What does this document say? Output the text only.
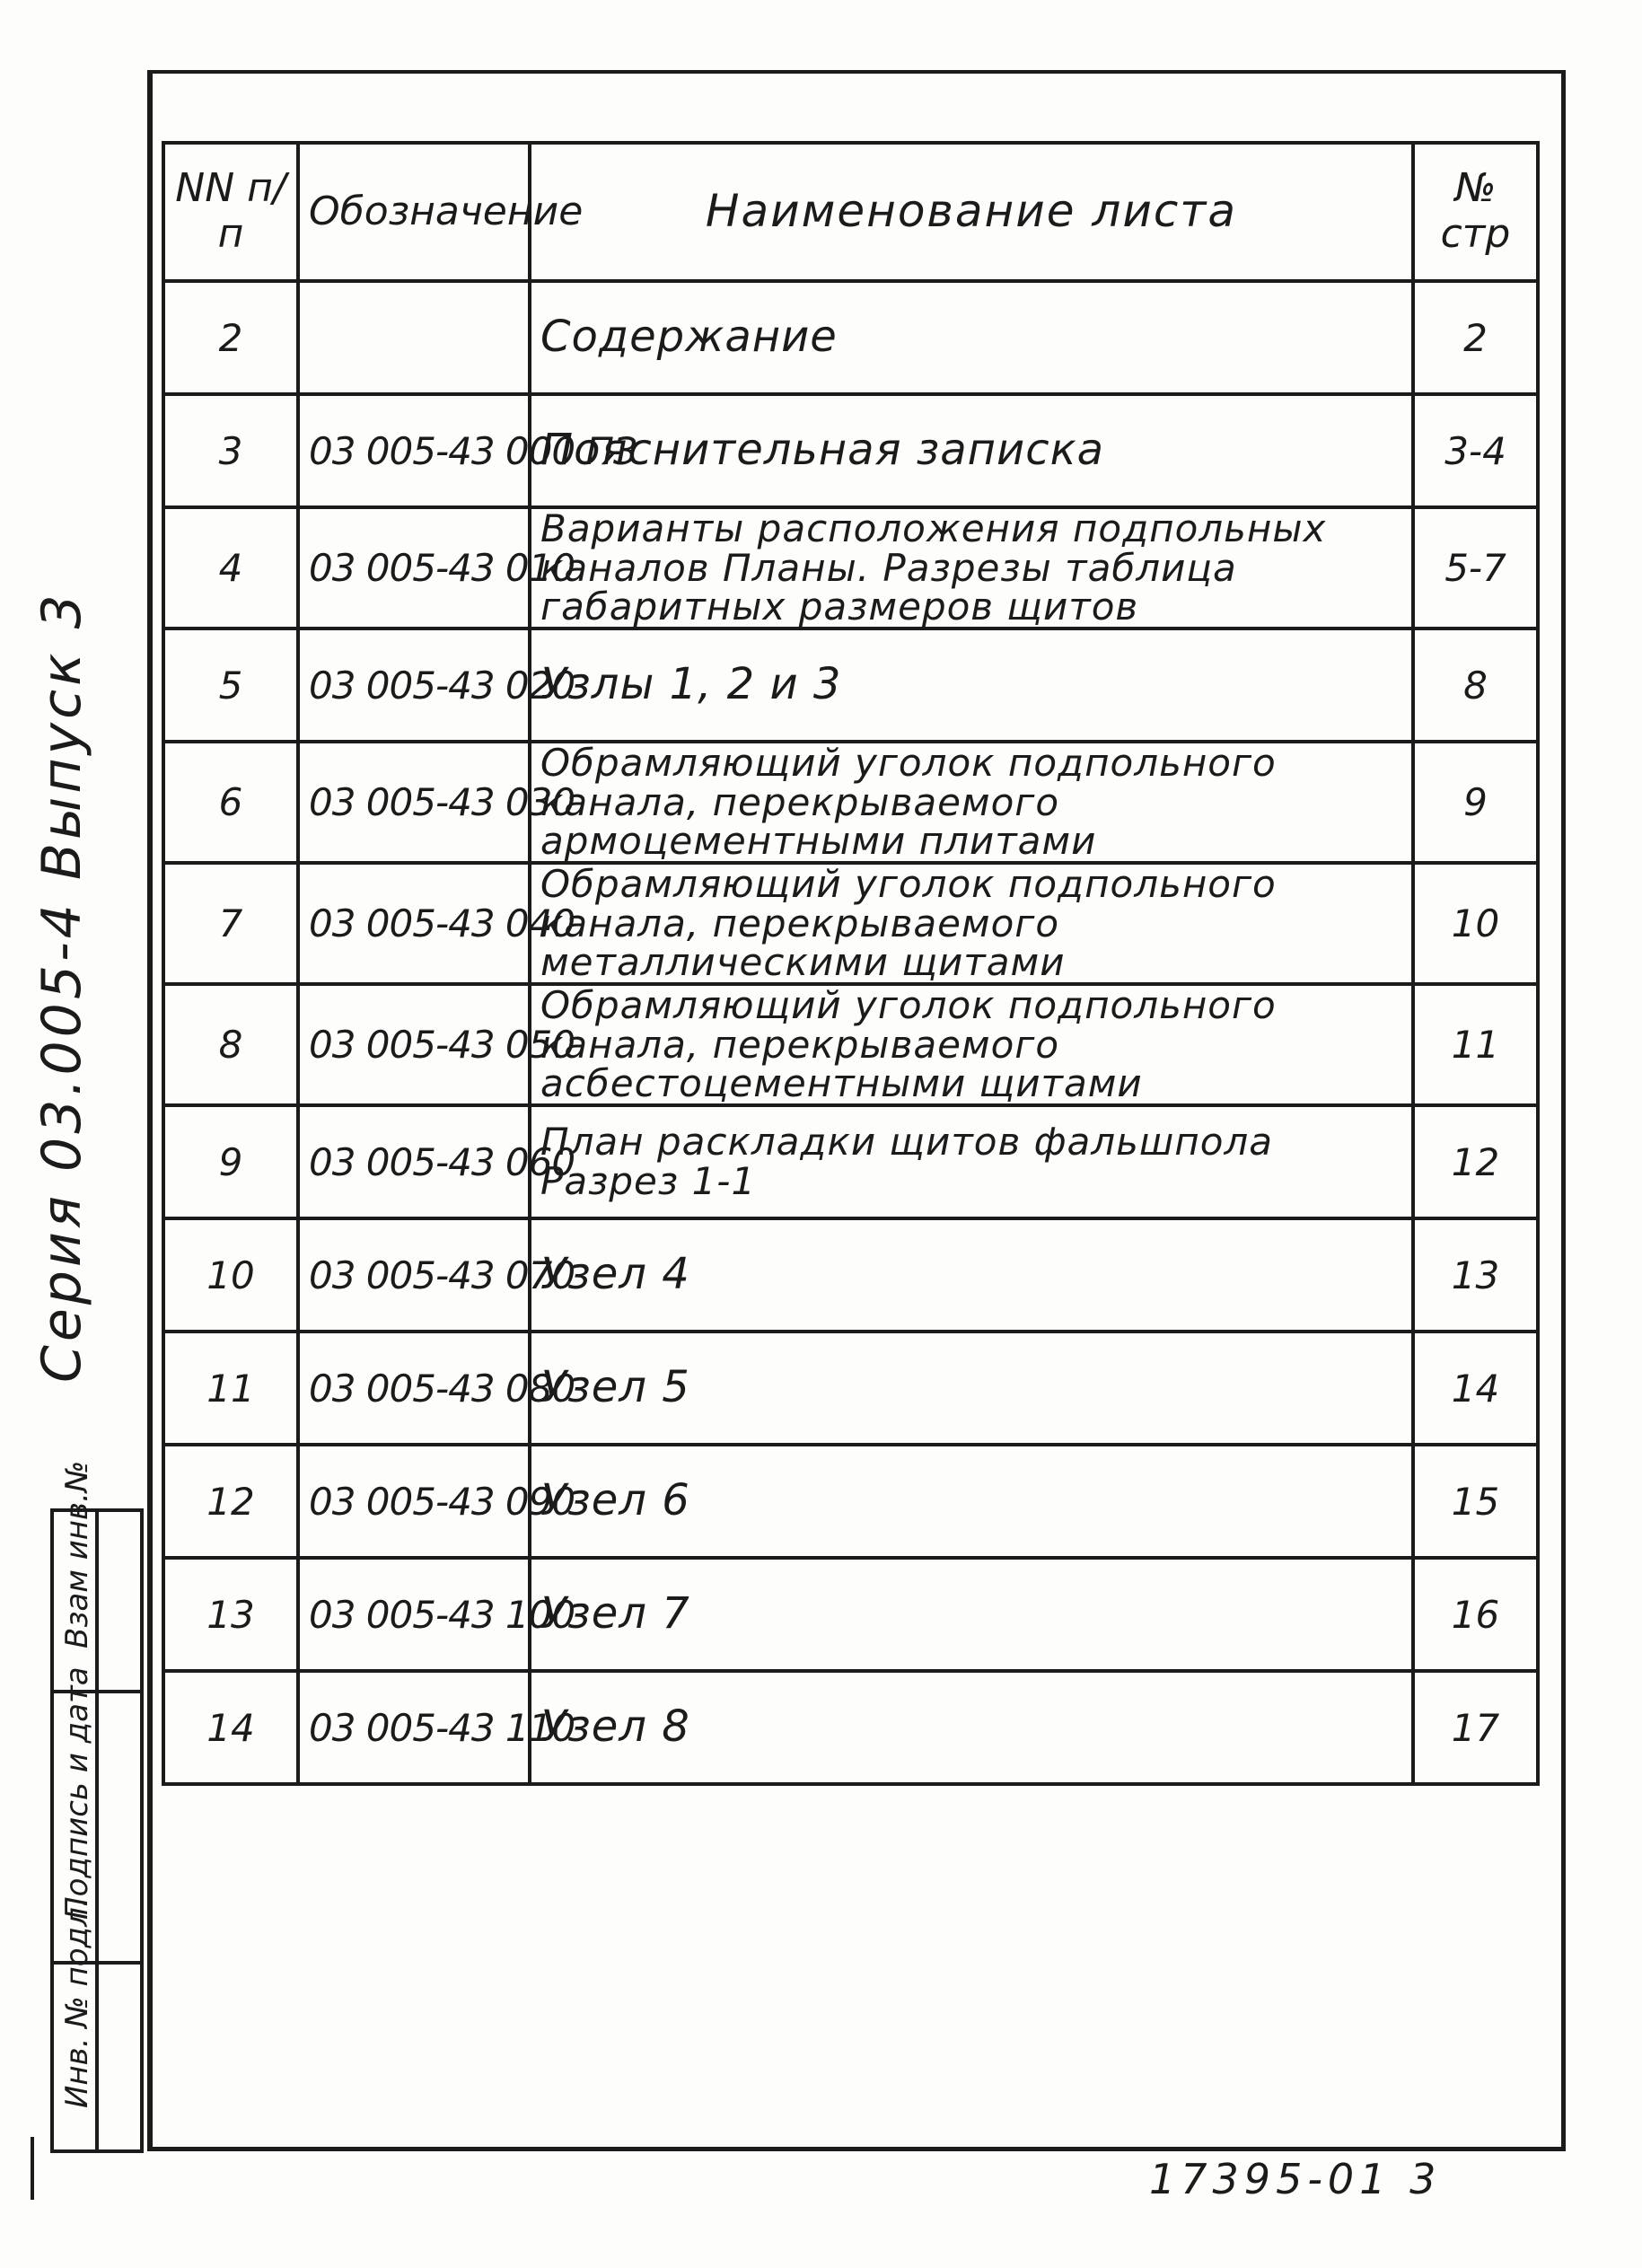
NN п/п	Обозначение	Наименование листа	№ стр
2		Содержание	2
3	03 005-43 000 ПЗ	Пояснительная записка	3-4
4	03 005-43 010	Варианты расположения подпольных каналов Планы. Разрезы таблица габаритных размеров щитов	5-7
5	03 005-43 020	Узлы 1, 2 и 3	8
6	03 005-43 030	Обрамляющий уголок подпольного канала, перекрываемого армоцементными плитами	9
7	03 005-43 040	Обрамляющий уголок подпольного канала, перекрываемого металлическими щитами	10
8	03 005-43 050	Обрамляющий уголок подпольного канала, перекрываемого асбестоцементными щитами	11
9	03 005-43 060	План раскладки щитов фальшпола Разрез 1-1	12
10	03 005-43 070	Узел 4	13
11	03 005-43 080	Узел 5	14
12	03 005-43 090	Узел 6	15
13	03 005-43 100	Узел 7	16
14	03 005-43 110	Узел 8	17
Серия 03.005-4 Выпуск 3
Взам инв.№
Подпись и дата
Инв. № подл.
17395-01 3
